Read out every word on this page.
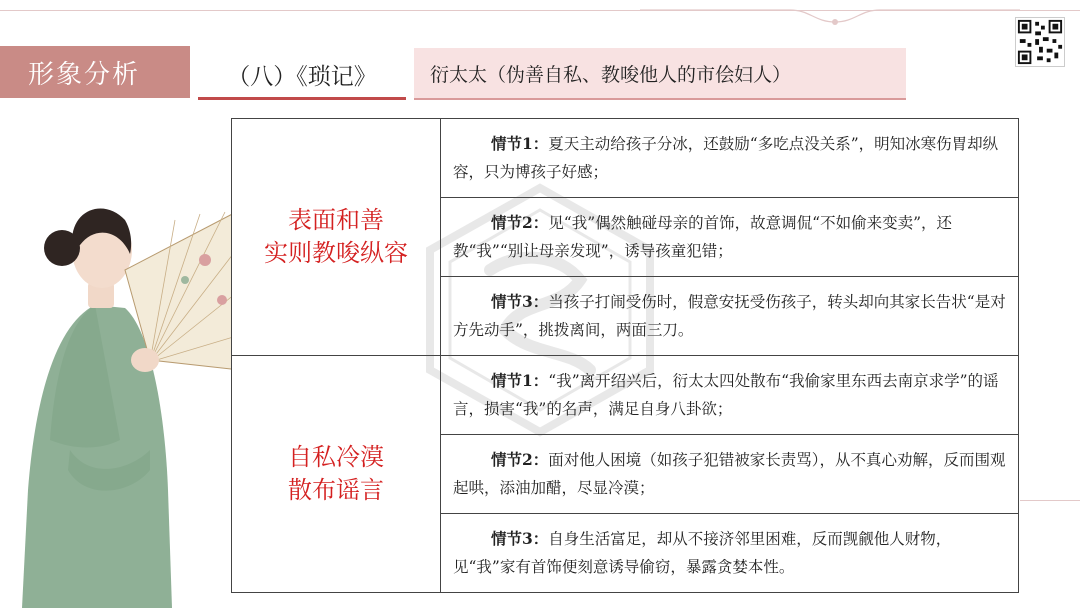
形象分析	（八）《琐记》	衍太太（伪善自私、教唆他人的市侩妇人）
表面和善
实则教唆纵容	情节1：夏天主动给孩子分冰，还鼓励“多吃点没关系”，明知冰寒伤胃却纵容，只为博孩子好感；
	情节2：见“我”偶然触碰母亲的首饰，故意调侃“不如偷来变卖”，还教“我”“别让母亲发现”，诱导孩童犯错；
	情节3：当孩子打闹受伤时，假意安抚受伤孩子，转头却向其家长告状“是对方先动手”，挑拨离间，两面三刀。

自私冷漠
散布谣言	情节1：“我”离开绍兴后，衍太太四处散布“我偷家里东西去南京求学”的谣言，损害“我”的名声，满足自身八卦欲；
	情节2：面对他人困境（如孩子犯错被家长责骂），从不真心劝解，反而围观起哄，添油加醋，尽显冷漠；
	情节3：自身生活富足，却从不接济邻里困难，反而觊觎他人财物，见“我”家有首饰便刻意诱导偷窃，暴露贪婪本性。
